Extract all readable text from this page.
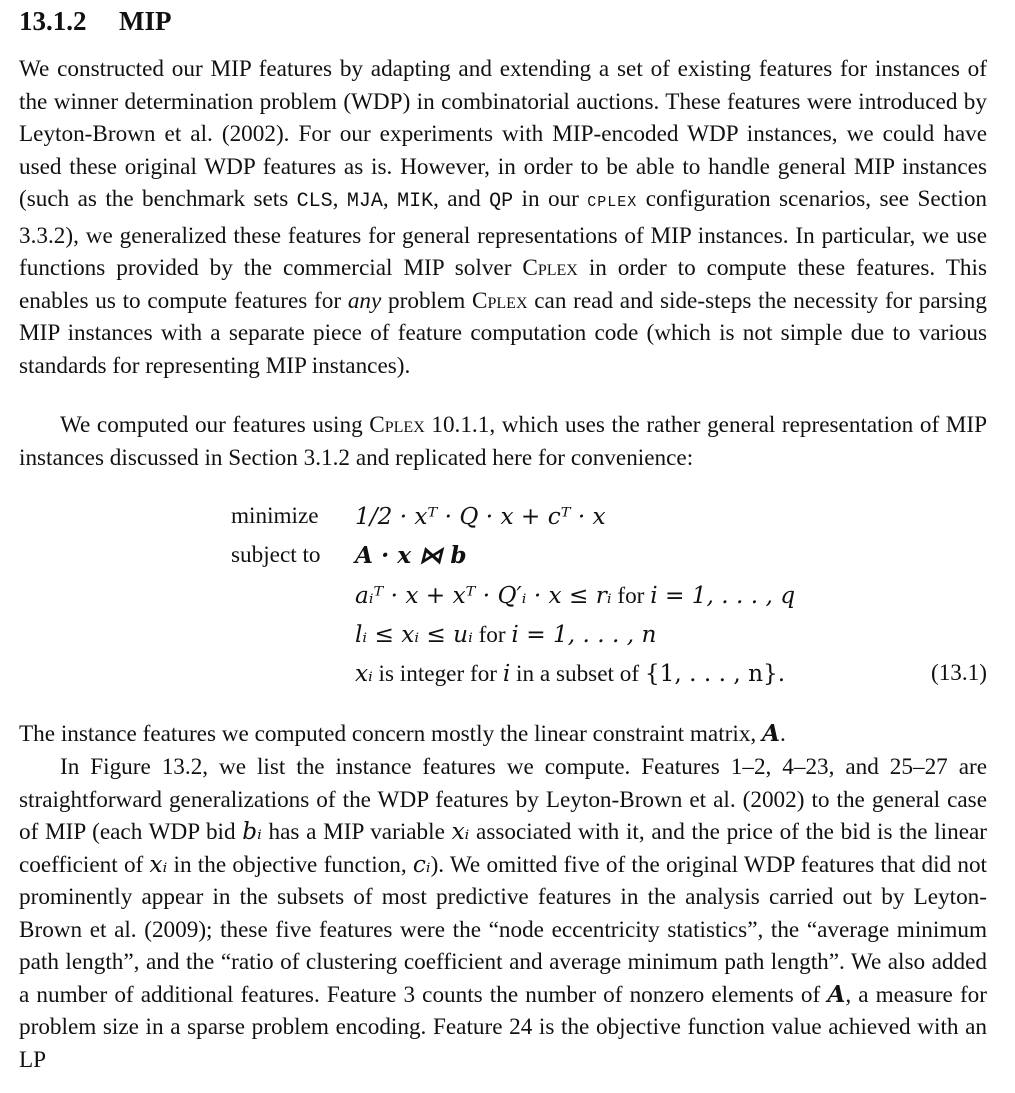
13.1.2 MIP

We constructed our MIP features by adapting and extending a set of existing features for instances of the winner determination problem (WDP) in combinatorial auctions. These features were introduced by Leyton-Brown et al. (2002). For our experiments with MIP-encoded WDP instances, we could have used these original WDP features as is. However, in order to be able to handle general MIP instances (such as the benchmark sets CLS, MJA, MIK, and QP in our CPLEX configuration scenarios, see Section 3.3.2), we generalized these features for general representations of MIP instances. In particular, we use functions provided by the commercial MIP solver Cplex in order to compute these features. This enables us to compute features for any problem Cplex can read and side-steps the necessity for parsing MIP instances with a separate piece of feature computation code (which is not simple due to various standards for representing MIP instances).

We computed our features using Cplex 10.1.1, which uses the rather general representation of MIP instances discussed in Section 3.1.2 and replicated here for convenience:

minimize 1/2 · xᵀ · Q · x + cᵀ · x
subject to A · x ⋈ b
aᵢᵀ · x + xᵀ · Q′ᵢ · x ≤ rᵢ for i = 1, . . . , q
lᵢ ≤ xᵢ ≤ uᵢ for i = 1, . . . , n
xᵢ is integer for i in a subset of {1, . . . , n}.	(13.1)

The instance features we computed concern mostly the linear constraint matrix, A.

In Figure 13.2, we list the instance features we compute. Features 1–2, 4–23, and 25–27 are straightforward generalizations of the WDP features by Leyton-Brown et al. (2002) to the general case of MIP (each WDP bid bᵢ has a MIP variable xᵢ associated with it, and the price of the bid is the linear coefficient of xᵢ in the objective function, cᵢ). We omitted five of the original WDP features that did not prominently appear in the subsets of most predictive features in the analysis carried out by Leyton-Brown et al. (2009); these five features were the “node eccentricity statistics”, the “average minimum path length”, and the “ratio of clustering coefficient and average minimum path length”. We also added a number of additional features. Feature 3 counts the number of nonzero elements of A, a measure for problem size in a sparse problem encoding. Feature 24 is the objective function value achieved with an LP
